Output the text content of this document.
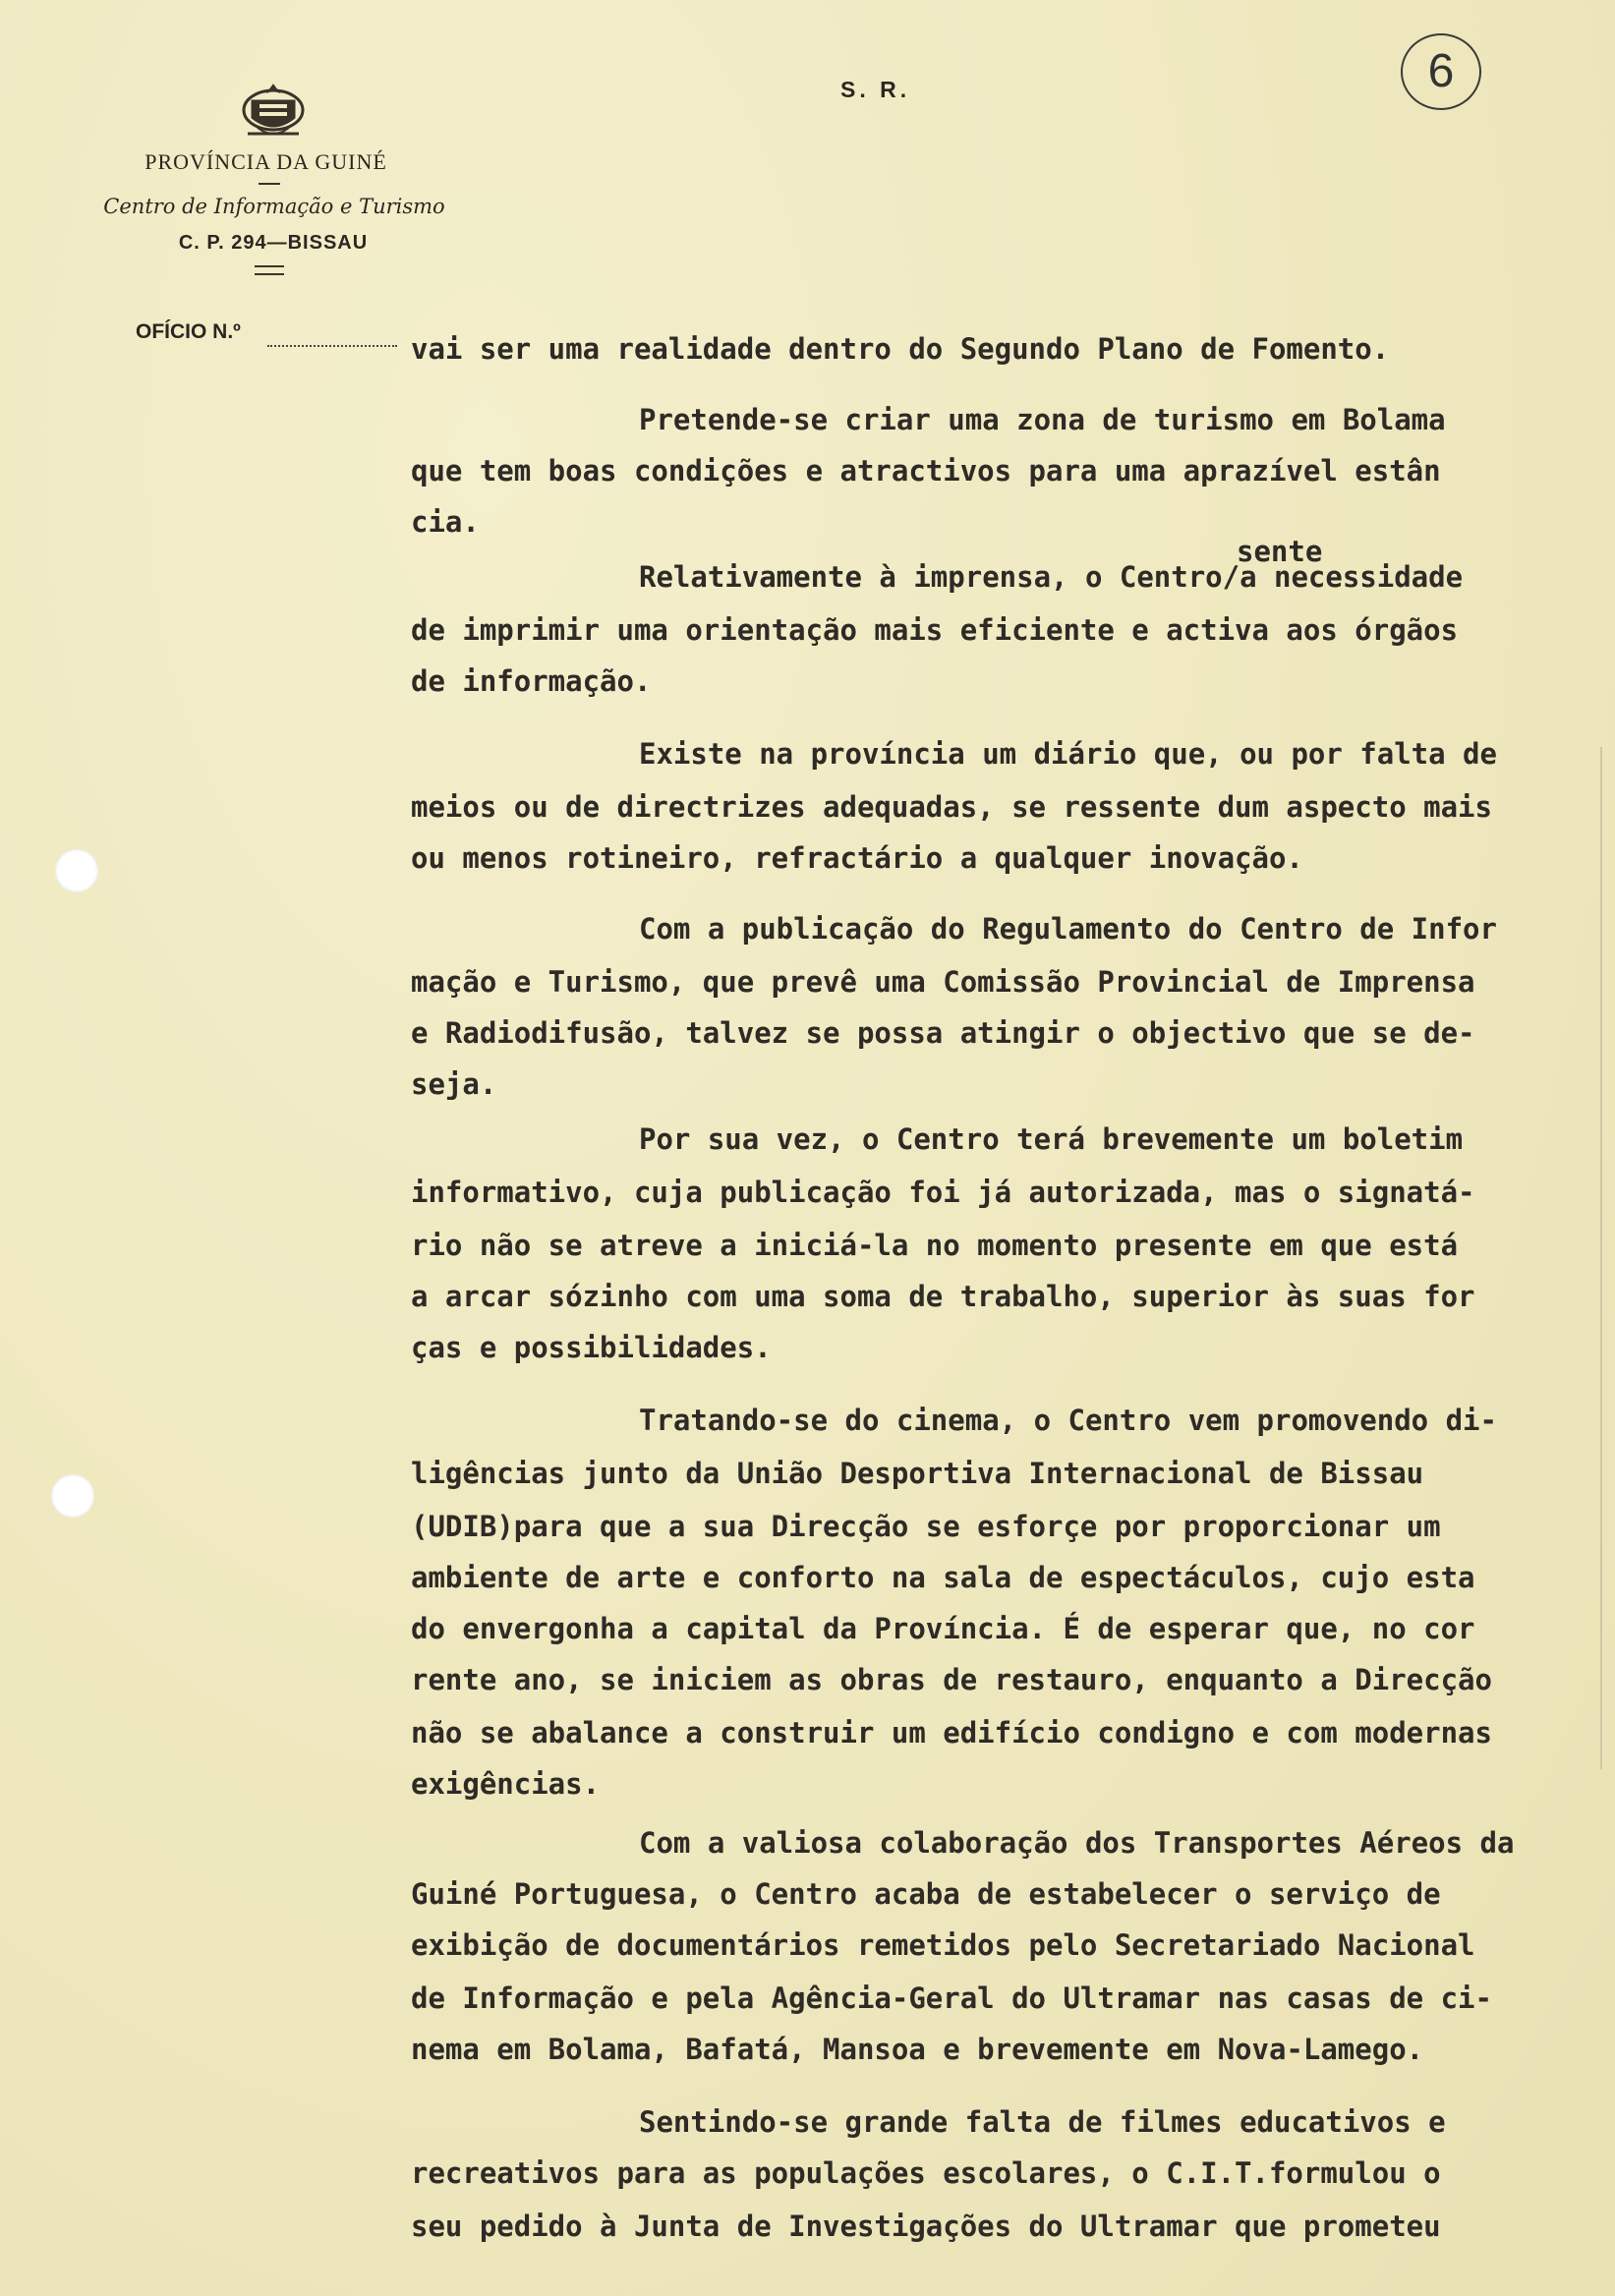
PROVÍNCIA DA GUINÉ
Centro de Informação e Turismo
C. P. 294—BISSAU
S. R.	6
OFÍCIO N.º

vai ser uma realidade dentro do Segundo Plano de Fomento.

Pretende-se criar uma zona de turismo em Bolama

que tem boas condições e atractivos para uma aprazível estân

cia.

sente

Relativamente à imprensa, o Centro/a necessidade

de imprimir uma orientação mais eficiente e activa aos órgãos

de informação.

Existe na província um diário que, ou por falta de

meios ou de directrizes adequadas, se ressente dum aspecto mais

ou menos rotineiro, refractário a qualquer inovação.

Com a publicação do Regulamento do Centro de Infor

mação e Turismo, que prevê uma Comissão Provincial de Imprensa

e Radiodifusão, talvez se possa atingir o objectivo que se de-

seja.

Por sua vez, o Centro terá brevemente um boletim

informativo, cuja publicação foi já autorizada, mas o signatá-

rio não se atreve a iniciá-la no momento presente em que está

a arcar sózinho com uma soma de trabalho, superior às suas for

ças e possibilidades.

Tratando-se do cinema, o Centro vem promovendo di-

ligências junto da União Desportiva Internacional de Bissau

(UDIB)para que a sua Direcção se esforçe por proporcionar um

ambiente de arte e conforto na sala de espectáculos, cujo esta

do envergonha a capital da Província. É de esperar que, no cor

rente ano, se iniciem as obras de restauro, enquanto a Direcção

não se abalance a construir um edifício condigno e com modernas

exigências.

Com a valiosa colaboração dos Transportes Aéreos da

Guiné Portuguesa, o Centro acaba de estabelecer o serviço de

exibição de documentários remetidos pelo Secretariado Nacional

de Informação e pela Agência-Geral do Ultramar nas casas de ci-

nema em Bolama, Bafatá, Mansoa e brevemente em Nova-Lamego.

Sentindo-se grande falta de filmes educativos e

recreativos para as populações escolares, o C.I.T.formulou o

seu pedido à Junta de Investigações do Ultramar que prometeu
